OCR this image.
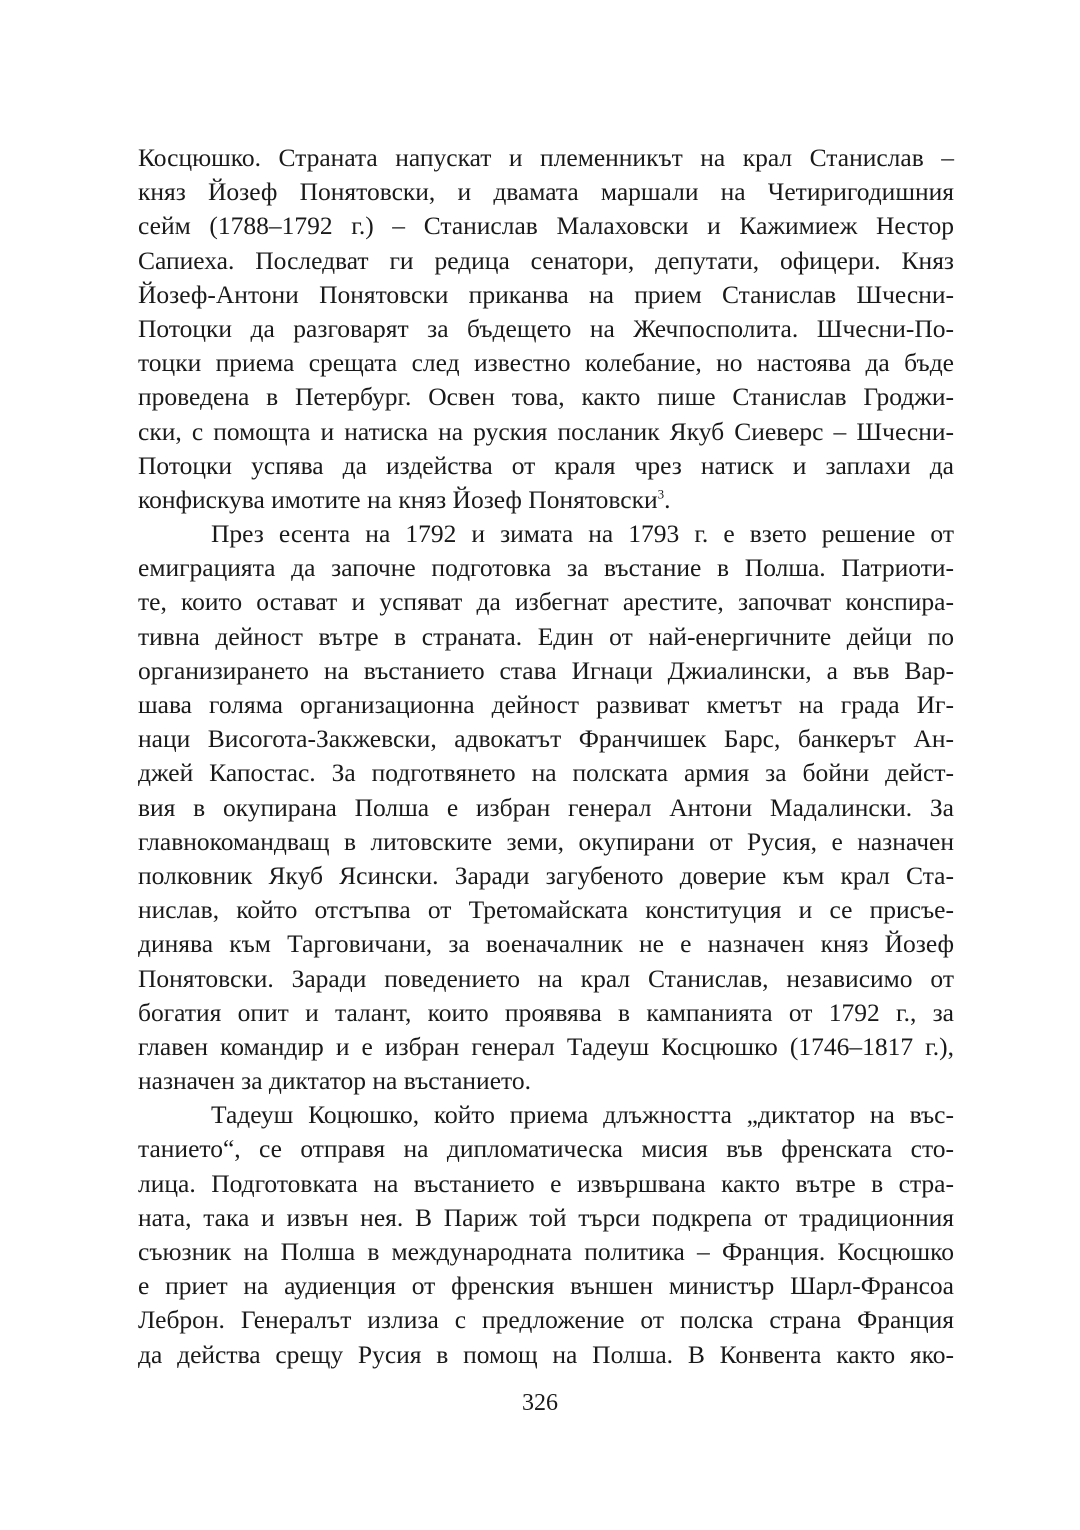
Косцюшко. Страната напускат и племенникът на крал Станислав –
княз Йозеф Понятовски, и двамата маршали на Четиригодишния
сейм (1788–1792 г.) – Станислав Малаховски и Кажимиеж Нестор
Сапиеха. Последват ги редица сенатори, депутати, офицери. Княз
Йозеф-Антони Понятовски приканва на прием Станислав Шчесни-
Потоцки да разговарят за бъдещето на Жечпосполита. Шчесни-По-
тоцки приема срещата след известно колебание, но настоява да бъде
проведена в Петербург. Освен това, както пише Станислав Гроджи-
ски, с помощта и натиска на руския посланик Якуб Сиеверс – Шчесни-
Потоцки успява да издейства от краля чрез натиск и заплахи да
конфискува имотите на княз Йозеф Понятовски$^3$.
През есента на 1792 и зимата на 1793 г. е взето решение от
емиграцията да започне подготовка за въстание в Полша. Патриоти-
те, които остават и успяват да избегнат арестите, започват конспира-
тивна дейност вътре в страната. Един от най-енергичните дейци по
организирането на въстанието става Игнаци Джиалински, а във Вар-
шава голяма организационна дейност развиват кметът на града Иг-
наци Висогота-Закжевски, адвокатът Франчишек Барс, банкерът Ан-
джей Капостас. За подготвянето на полската армия за бойни дейст-
вия в окупирана Полша е избран генерал Антони Мадалински. За
главнокомандващ в литовските земи, окупирани от Русия, е назначен
полковник Якуб Ясински. Заради загубеното доверие към крал Ста-
нислав, който отстъпва от Третомайската конституция и се присъе-
динява към Тарговичани, за военачалник не е назначен княз Йозеф
Понятовски. Заради поведението на крал Станислав, независимо от
богатия опит и талант, които проявява в кампанията от 1792 г., за
главен командир и е избран генерал Тадеуш Косцюшко (1746–1817 г.),
назначен за диктатор на въстанието.
Тадеуш Коцюшко, който приема длъжността „диктатор на въс-
танието“, се отправя на дипломатическа мисия във френската сто-
лица. Подготовката на въстанието е извършвана както вътре в стра-
ната, така и извън нея. В Париж той търси подкрепа от традиционния
съюзник на Полша в международната политика – Франция. Косцюшко
е приет на аудиенция от френския външен министър Шарл-Франсоа
Леброн. Генералът излиза с предложение от полска страна Франция
да действа срещу Русия в помощ на Полша. В Конвента както яко-
326
